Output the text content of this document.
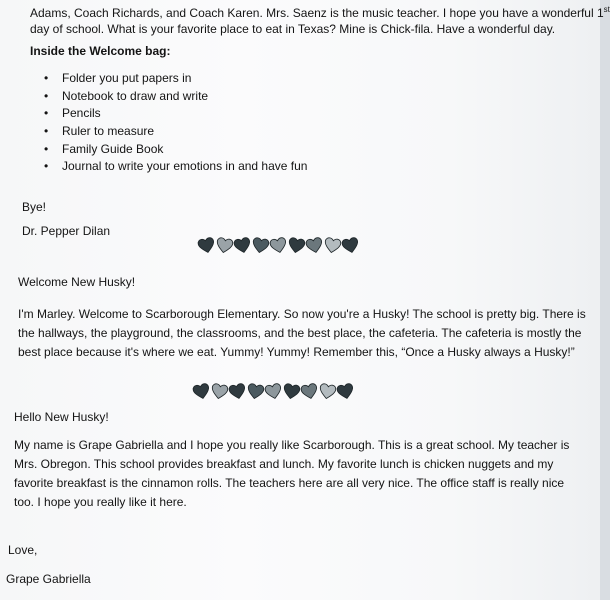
Adams, Coach Richards, and Coach Karen. Mrs. Saenz is the music teacher. I hope you have a wonderful 1st
day of school. What is your favorite place to eat in Texas? Mine is Chick-fila. Have a wonderful day.

Inside the Welcome bag:
• Folder you put papers in
• Notebook to draw and write
• Pencils
• Ruler to measure
• Family Guide Book
• Journal to write your emotions in and have fun
Bye!
Dr. Pepper Dilan
Welcome New Husky!

I'm Marley. Welcome to Scarborough Elementary. So now you're a Husky! The school is pretty big. There is the hallways, the playground, the classrooms, and the best place, the cafeteria. The cafeteria is mostly the best place because it's where we eat. Yummy! Yummy! Remember this, “Once a Husky always a Husky!”

Hello New Husky!

My name is Grape Gabriella and I hope you really like Scarborough. This is a great school. My teacher is Mrs. Obregon. This school provides breakfast and lunch. My favorite lunch is chicken nuggets and my favorite breakfast is the cinnamon rolls. The teachers here are all very nice. The office staff is really nice too. I hope you really like it here.

Love,
Grape Gabriella
